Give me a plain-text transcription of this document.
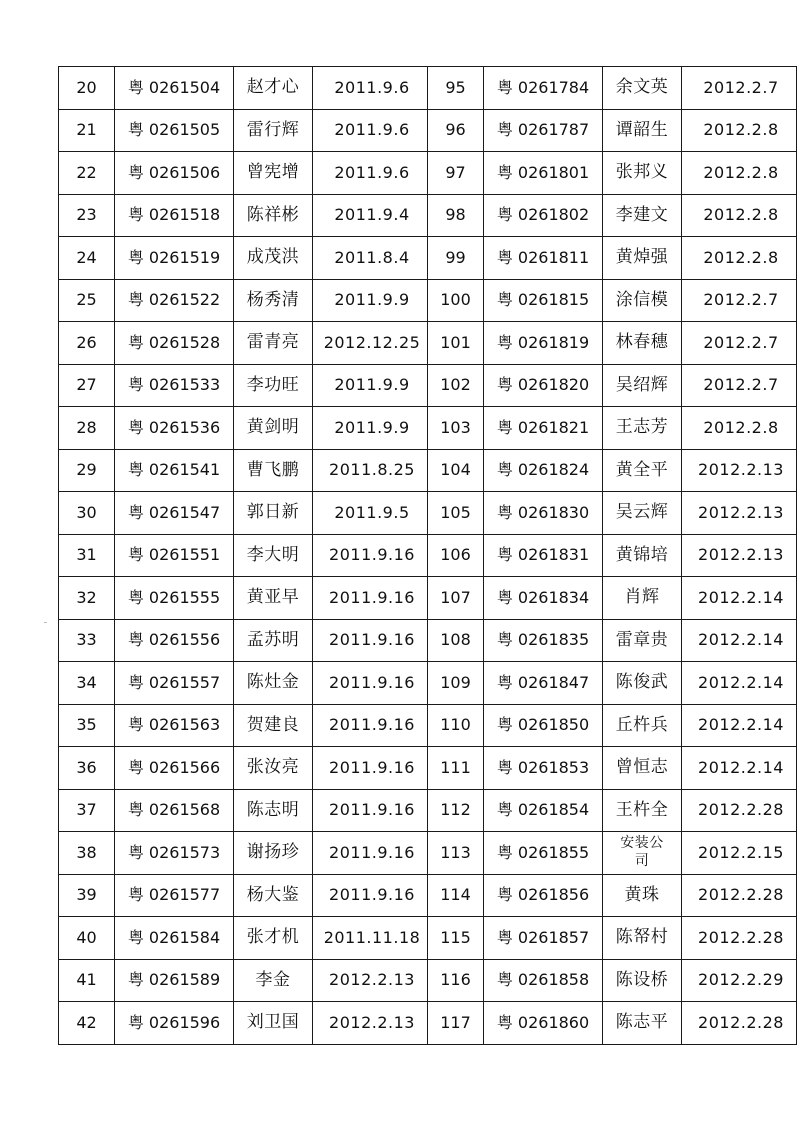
20	粤 0261504	赵才心	2011.9.6	95	粤 0261784	余文英	2012.2.7
21	粤 0261505	雷行辉	2011.9.6	96	粤 0261787	谭韶生	2012.2.8
22	粤 0261506	曾宪增	2011.9.6	97	粤 0261801	张邦义	2012.2.8
23	粤 0261518	陈祥彬	2011.9.4	98	粤 0261802	李建文	2012.2.8
24	粤 0261519	成茂洪	2011.8.4	99	粤 0261811	黄焯强	2012.2.8
25	粤 0261522	杨秀清	2011.9.9	100	粤 0261815	涂信模	2012.2.7
26	粤 0261528	雷青亮	2012.12.25	101	粤 0261819	林春穗	2012.2.7
27	粤 0261533	李功旺	2011.9.9	102	粤 0261820	吴绍辉	2012.2.7
28	粤 0261536	黄剑明	2011.9.9	103	粤 0261821	王志芳	2012.2.8
29	粤 0261541	曹飞鹏	2011.8.25	104	粤 0261824	黄全平	2012.2.13
30	粤 0261547	郭日新	2011.9.5	105	粤 0261830	吴云辉	2012.2.13
31	粤 0261551	李大明	2011.9.16	106	粤 0261831	黄锦培	2012.2.13
32	粤 0261555	黄亚早	2011.9.16	107	粤 0261834	肖辉	2012.2.14
33	粤 0261556	孟苏明	2011.9.16	108	粤 0261835	雷章贵	2012.2.14
34	粤 0261557	陈灶金	2011.9.16	109	粤 0261847	陈俊武	2012.2.14
35	粤 0261563	贺建良	2011.9.16	110	粤 0261850	丘杵兵	2012.2.14
36	粤 0261566	张汝亮	2011.9.16	111	粤 0261853	曾恒志	2012.2.14
37	粤 0261568	陈志明	2011.9.16	112	粤 0261854	王杵全	2012.2.28
38	粤 0261573	谢扬珍	2011.9.16	113	粤 0261855	安装公司	2012.2.15
39	粤 0261577	杨大鉴	2011.9.16	114	粤 0261856	黄珠	2012.2.28
40	粤 0261584	张才机	2011.11.18	115	粤 0261857	陈帑村	2012.2.28
41	粤 0261589	李金	2012.2.13	116	粤 0261858	陈设桥	2012.2.29
42	粤 0261596	刘卫国	2012.2.13	117	粤 0261860	陈志平	2012.2.28
